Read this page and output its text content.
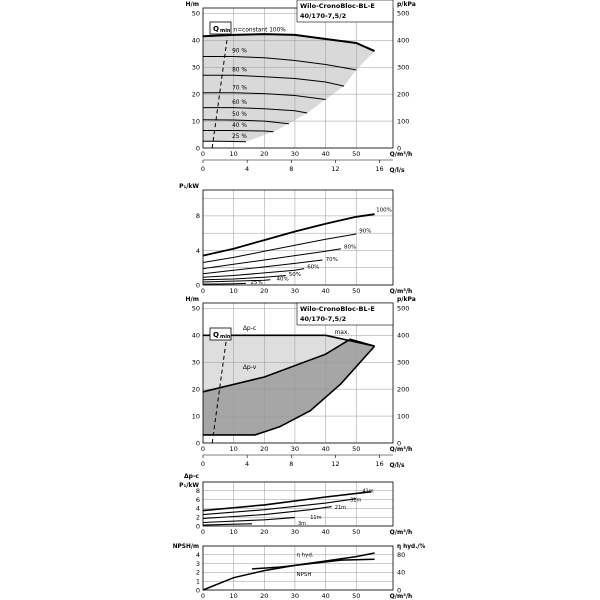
0	10	20	30	40	50
0
10
20
30
40
50
Q/m³/h
0
100
200
300
400
500
H/m	p/kPa
0	4	8	12	16 Q/l/s
Wilo-CronoBloc-BL-E
40/170-7,5/2
n=constant 100%
90 %
80 %
70 %
60 %
50 %
40 %
25 %
Q min
0	10	20	30	40	50
0
4
8
Q/m³/h
P₁/kW
100%
90%
80%
70%
60%
50%
40%
25%
0	10	20	30	40	50
0
10
20
30
40
50
Q/m³/h
0
100
200
300
400
500
H/m	p/kPa
0	4	8	12	16 Q/l/s
Wilo-CronoBloc-BL-E
40/170-7,5/2
Δp-c
Δp-v
max.
Q min
0	10	20	30	40	50
0
2
4
6
8
Q/m³/h
Δp-c
P₁/kW
41m
31m
21m
11m
3m
0	10	20	30	40	50
0
1
2
3
4
Q/m³/h
0
40
80
NPSH/m	η hyd./%
η hyd.
NPSH
